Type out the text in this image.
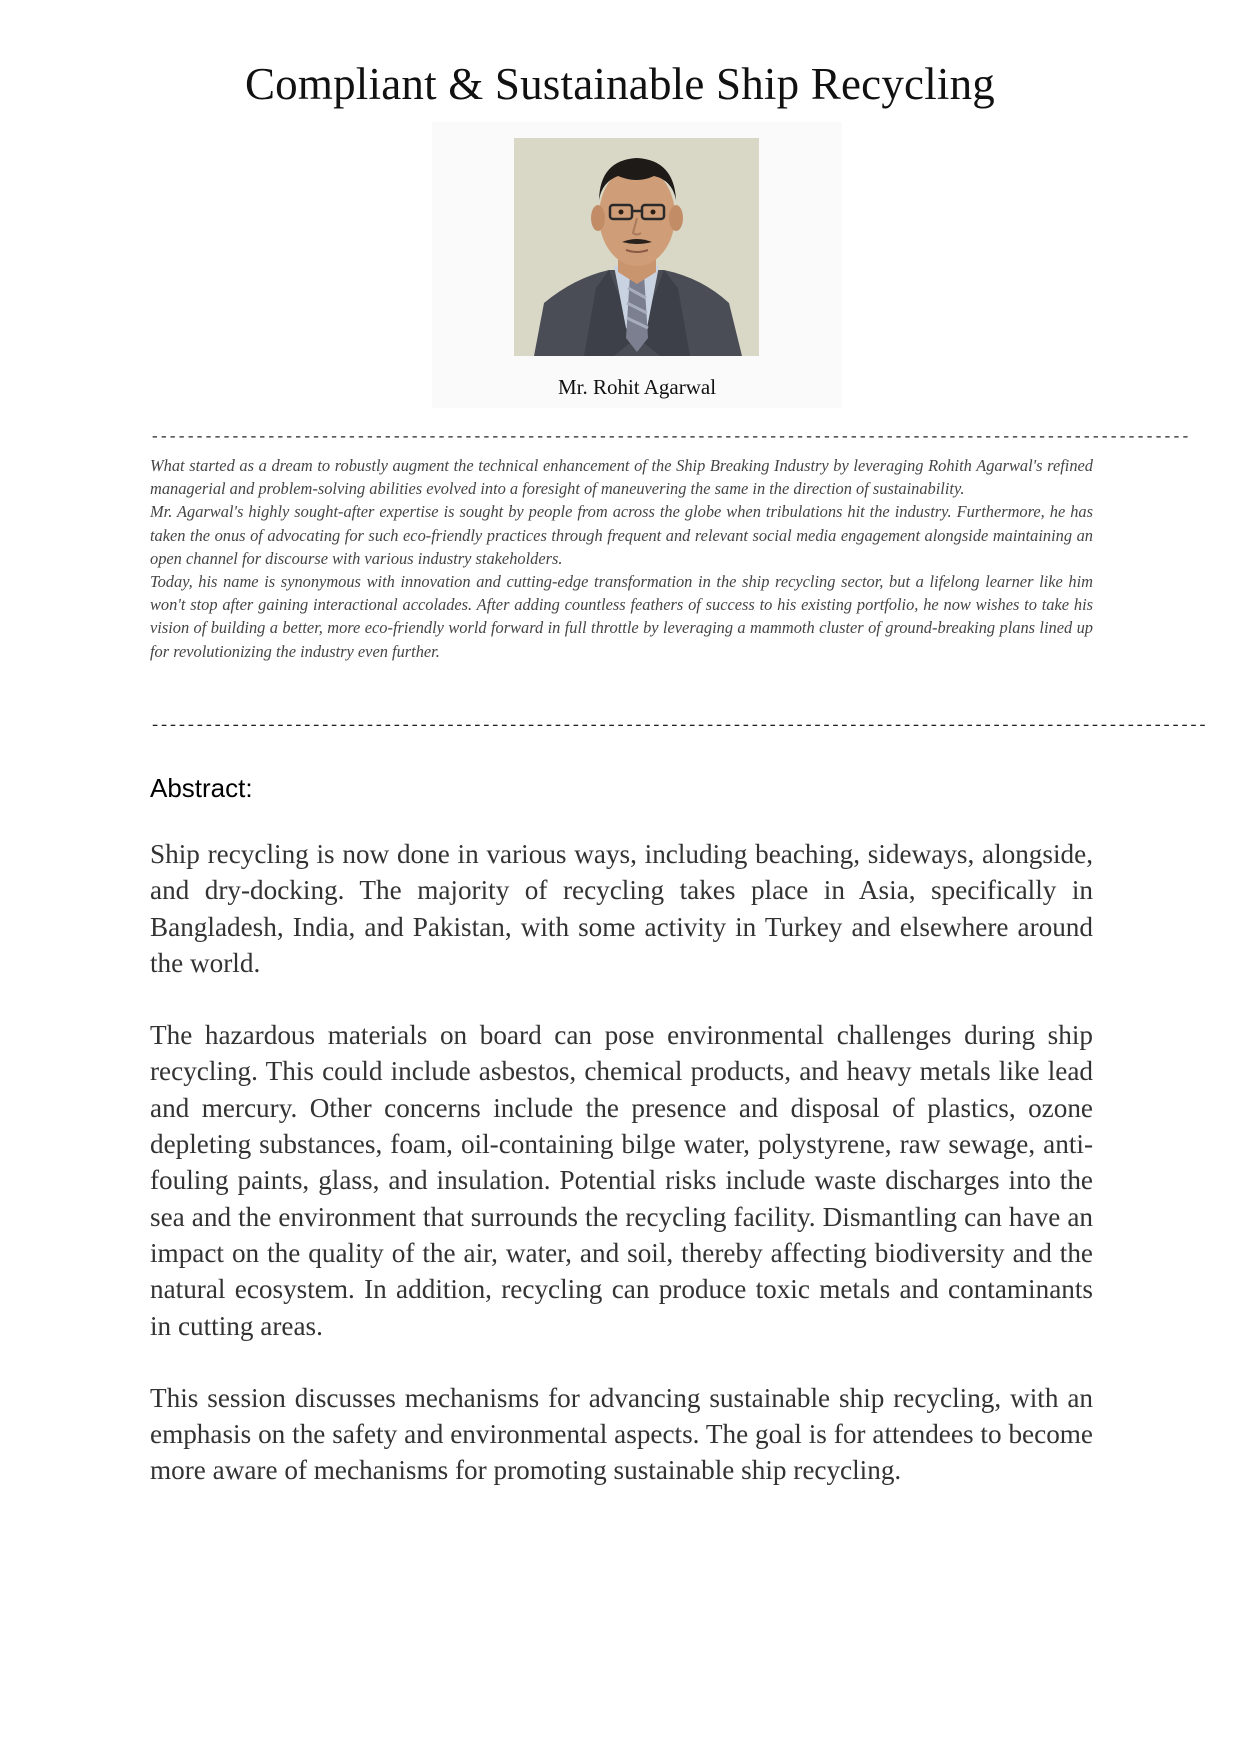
Compliant & Sustainable Ship Recycling
Mr. Rohit Agarwal
--------------------------------------------------------------------------------------------------------------------

What started as a dream to robustly augment the technical enhancement of the Ship Breaking Industry by leveraging Rohith Agarwal's refined managerial and problem-solving abilities evolved into a foresight of maneuvering the same in the direction of sustainability.

Mr. Agarwal's highly sought-after expertise is sought by people from across the globe when tribulations hit the industry. Furthermore, he has taken the onus of advocating for such eco-friendly practices through frequent and relevant social media engagement alongside maintaining an open channel for discourse with various industry stakeholders.

Today, his name is synonymous with innovation and cutting-edge transformation in the ship recycling sector, but a lifelong learner like him won't stop after gaining interactional accolades. After adding countless feathers of success to his existing portfolio, he now wishes to take his vision of building a better, more eco-friendly world forward in full throttle by leveraging a mammoth cluster of ground-breaking plans lined up for revolutionizing the industry even further.

----------------------------------------------------------------------------------------------------------------------
Abstract:

Ship recycling is now done in various ways, including beaching, sideways, alongside, and dry-docking. The majority of recycling takes place in Asia, specifically in Bangladesh, India, and Pakistan, with some activity in Turkey and elsewhere around the world.

The hazardous materials on board can pose environmental challenges during ship recycling. This could include asbestos, chemical products, and heavy metals like lead and mercury. Other concerns include the presence and disposal of plastics, ozone depleting substances, foam, oil-containing bilge water, polystyrene, raw sewage, anti-fouling paints, glass, and insulation. Potential risks include waste discharges into the sea and the environment that surrounds the recycling facility. Dismantling can have an impact on the quality of the air, water, and soil, thereby affecting biodiversity and the natural ecosystem. In addition, recycling can produce toxic metals and contaminants in cutting areas.

This session discusses mechanisms for advancing sustainable ship recycling, with an emphasis on the safety and environmental aspects. The goal is for attendees to become more aware of mechanisms for promoting sustainable ship recycling.
